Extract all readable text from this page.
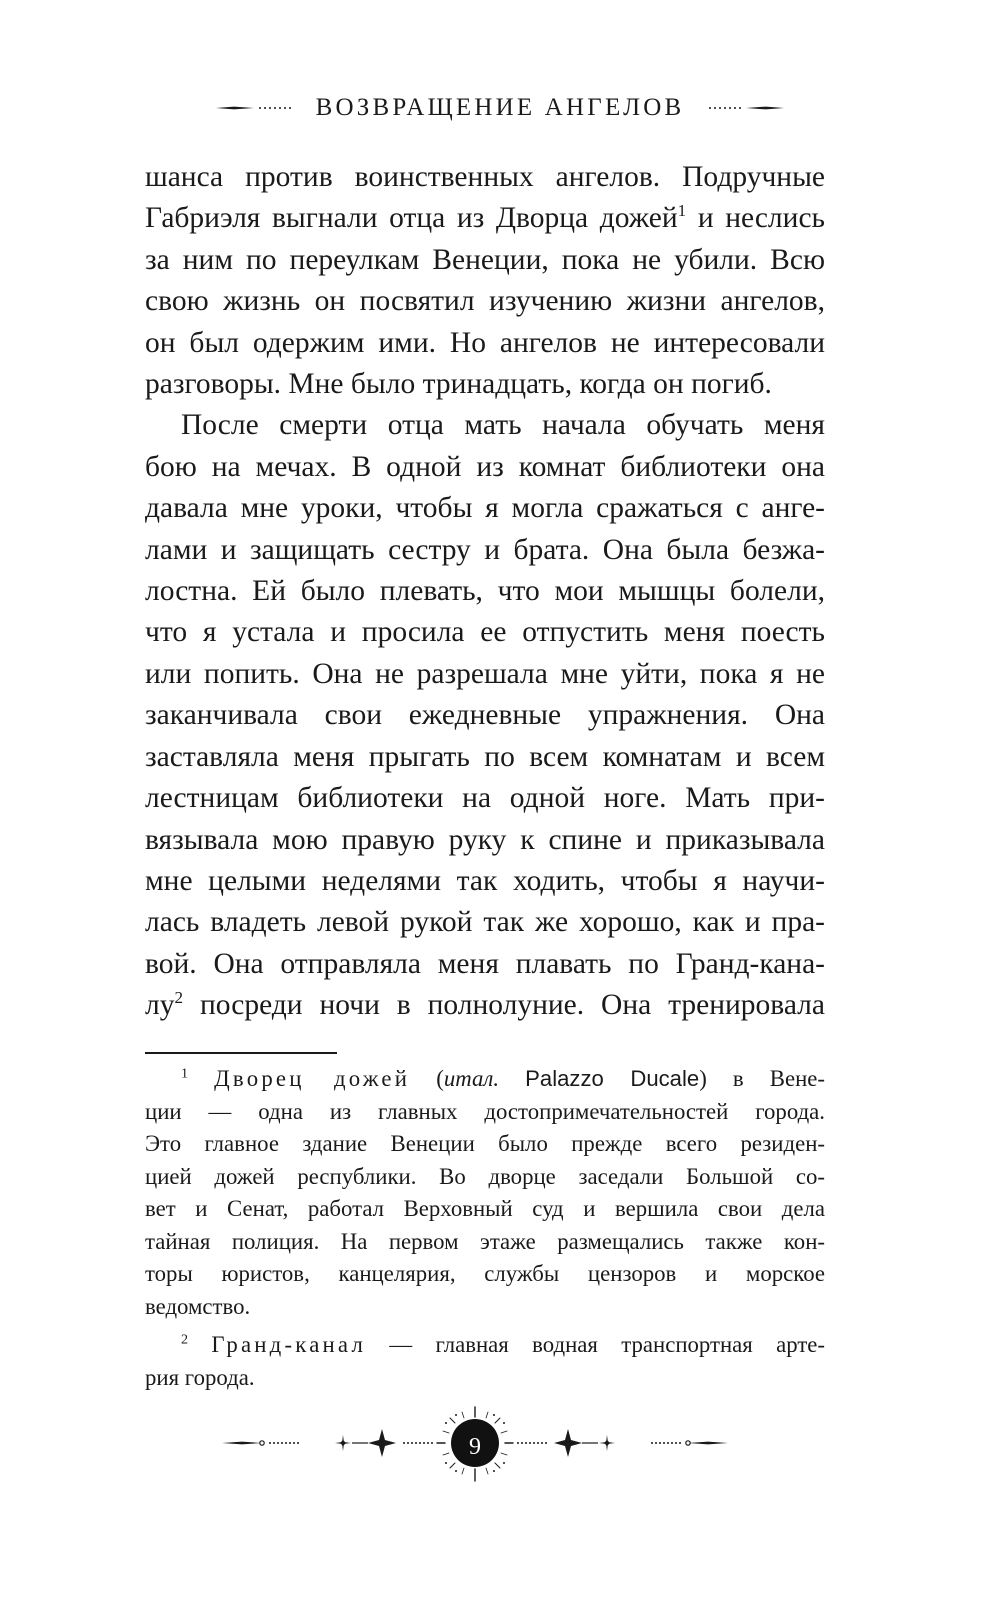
ВОЗВРАЩЕНИЕ АНГЕЛОВ

шанса против воинственных ангелов. Подручные
Габриэля выгнали отца из Дворца дожей$^1$ и неслись
за ним по переулкам Венеции, пока не убили. Всю
свою жизнь он посвятил изучению жизни ангелов,
он был одержим ими. Но ангелов не интересовали
разговоры. Мне было тринадцать, когда он погиб.

После смерти отца мать начала обучать меня
бою на мечах. В одной из комнат библиотеки она
давала мне уроки, чтобы я могла сражаться с анге-
лами и защищать сестру и брата. Она была безжа-
лостна. Ей было плевать, что мои мышцы болели,
что я устала и просила ее отпустить меня поесть
или попить. Она не разрешала мне уйти, пока я не
заканчивала свои ежедневные упражнения. Она
заставляла меня прыгать по всем комнатам и всем
лестницам библиотеки на одной ноге. Мать при-
вязывала мою правую руку к спине и приказывала
мне целыми неделями так ходить, чтобы я научи-
лась владеть левой рукой так же хорошо, как и пра-
вой. Она отправляла меня плавать по Гранд-кана-
$лу^2$ посреди ночи в полнолуние. Она тренировала

$^1$ Дворец дожей (итал. Palazzo Ducale) в Вене-
ции — одна из главных достопримечательностей города.
Это главное здание Венеции было прежде всего резиден-
цией дожей республики. Во дворце заседали Большой со-
вет и Сенат, работал Верховный суд и вершила свои дела
тайная полиция. На первом этаже размещались также кон-
торы юристов, канцелярия, службы цензоров и морское
ведомство.
$^2$ Гранд-канал — главная водная транспортная арте-
рия города.
9
